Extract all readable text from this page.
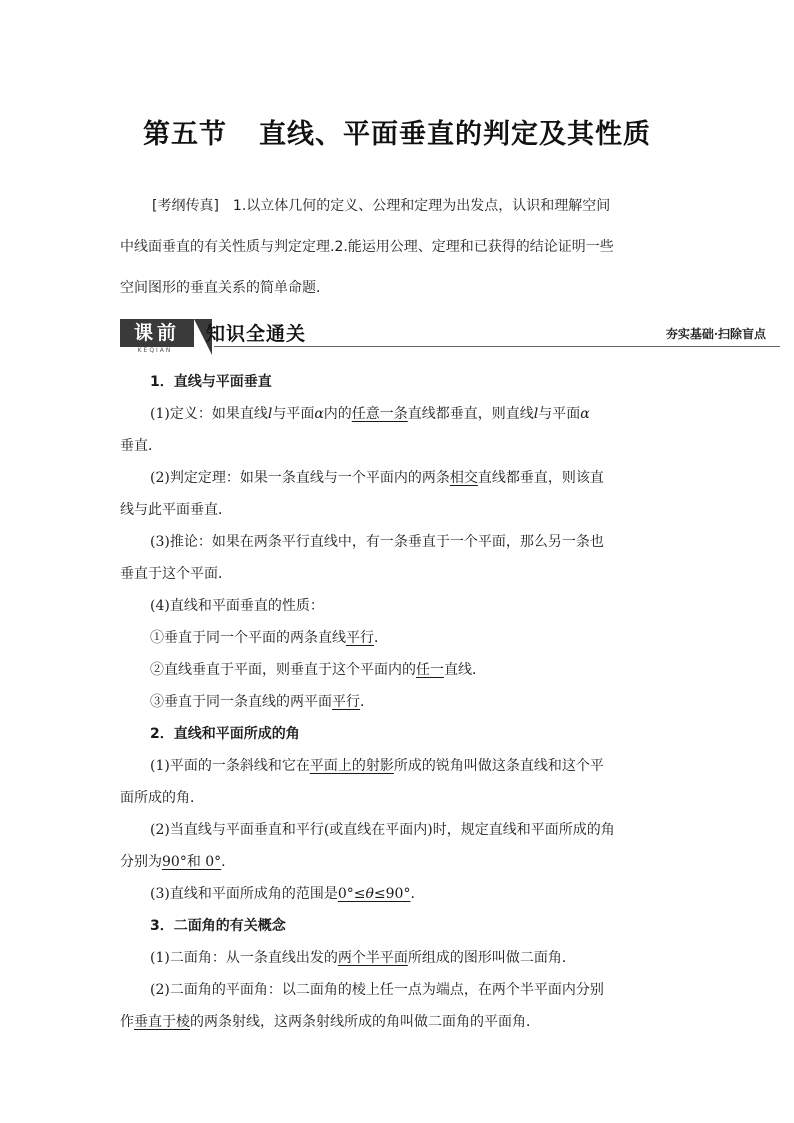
第五节 直线、平面垂直的判定及其性质
[考纲传真]　1.以立体几何的定义、公理和定理为出发点，认识和理解空间
中线面垂直的有关性质与判定定理.2.能运用公理、定理和已获得的结论证明一些
空间图形的垂直关系的简单命题．
课前
KEQIAN
知识全通关	夯实基础·扫除盲点

1．直线与平面垂直

(1)定义：如果直线l与平面α内的任意一条直线都垂直，则直线l与平面α

垂直．

(2)判定定理：如果一条直线与一个平面内的两条相交直线都垂直，则该直

线与此平面垂直．

(3)推论：如果在两条平行直线中，有一条垂直于一个平面，那么另一条也

垂直于这个平面．

(4)直线和平面垂直的性质：

①垂直于同一个平面的两条直线平行．

②直线垂直于平面，则垂直于这个平面内的任一直线．

③垂直于同一条直线的两平面平行．

2．直线和平面所成的角

(1)平面的一条斜线和它在平面上的射影所成的锐角叫做这条直线和这个平

面所成的角．

(2)当直线与平面垂直和平行(或直线在平面内)时，规定直线和平面所成的角

分别为90°和 0°.

(3)直线和平面所成角的范围是0°≤θ≤90°.

3．二面角的有关概念

(1)二面角：从一条直线出发的两个半平面所组成的图形叫做二面角．

(2)二面角的平面角：以二面角的棱上任一点为端点，在两个半平面内分别

作垂直于棱的两条射线，这两条射线所成的角叫做二面角的平面角．
